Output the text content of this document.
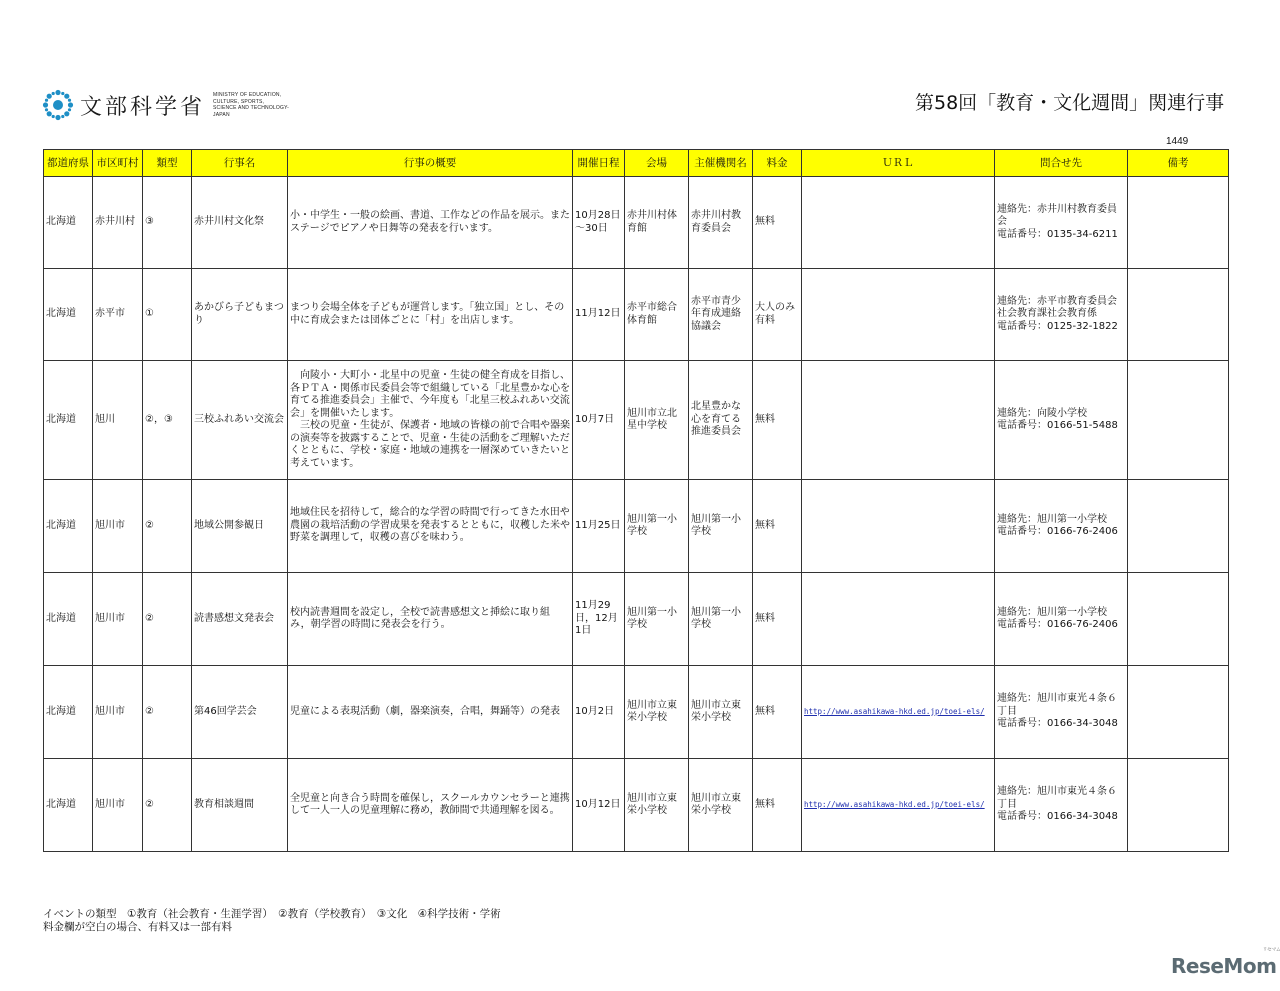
文部科学省 MINISTRY OF EDUCATION,
CULTURE, SPORTS,
SCIENCE AND TECHNOLOGY-JAPAN
第58回「教育・文化週間」関連行事
1449
都道府県	市区町村	類型	行事名	行事の概要	開催日程	会場	主催機関名	料金	ＵＲＬ	問合せ先	備考
北海道	赤井川村	③	赤井川村文化祭	小・中学生・一般の絵画、書道、工作などの作品を展示。またステージでピアノや日舞等の発表を行います。	10月28日～30日	赤井川村体育館	赤井川村教育委員会	無料		連絡先：赤井川村教育委員会
電話番号：0135-34-6211	
北海道	赤平市	①	あかびら子どもまつり	まつり会場全体を子どもが運営します。「独立国」とし、その中に育成会または団体ごとに「村」を出店します。	11月12日	赤平市総合体育館	赤平市青少年育成連絡協議会	大人のみ有料		連絡先：赤平市教育委員会　社会教育課社会教育係
電話番号：0125-32-1822	
北海道	旭川	②，③	三校ふれあい交流会	　向陵小・大町小・北星中の児童・生徒の健全育成を目指し、各ＰＴＡ・関係市民委員会等で組織している「北星豊かな心を育てる推進委員会」主催で、今年度も「北星三校ふれあい交流会」を開催いたします。
　三校の児童・生徒が、保護者・地域の皆様の前で合唱や器楽の演奏等を披露することで、児童・生徒の活動をご理解いただくとともに、学校・家庭・地域の連携を一層深めていきたいと考えています。	10月7日	旭川市立北星中学校	北星豊かな心を育てる推進委員会	無料		連絡先：向陵小学校
電話番号：0166-51-5488	
北海道	旭川市	②	地域公開参観日	地域住民を招待して，総合的な学習の時間で行ってきた水田や農園の栽培活動の学習成果を発表するとともに，収穫した米や野菜を調理して，収穫の喜びを味わう。	11月25日	旭川第一小学校	旭川第一小学校	無料		連絡先：旭川第一小学校
電話番号：0166-76-2406	
北海道	旭川市	②	読書感想文発表会	校内読書週間を設定し，全校で読書感想文と挿絵に取り組み，朝学習の時間に発表会を行う。	11月29日，12月1日	旭川第一小学校	旭川第一小学校	無料		連絡先：旭川第一小学校
電話番号：0166-76-2406	
北海道	旭川市	②	第46回学芸会	児童による表現活動（劇，器楽演奏，合唱，舞踊等）の発表	10月2日	旭川市立東栄小学校	旭川市立東栄小学校	無料	http://www.asahikawa-hkd.ed.jp/toei-els/	連絡先：旭川市東光４条６丁目
電話番号：0166-34-3048	
北海道	旭川市	②	教育相談週間	全児童と向き合う時間を確保し，スクールカウンセラーと連携して一人一人の児童理解に務め，教師間で共通理解を図る。	10月12日	旭川市立東栄小学校	旭川市立東栄小学校	無料	http://www.asahikawa-hkd.ed.jp/toei-els/	連絡先：旭川市東光４条６丁目
電話番号：0166-34-3048	
イベントの類型　①教育（社会教育・生涯学習）　②教育（学校教育）　③文化　④科学技術・学術
料金欄が空白の場合、有料又は一部有料
ReseMom
リセマム
